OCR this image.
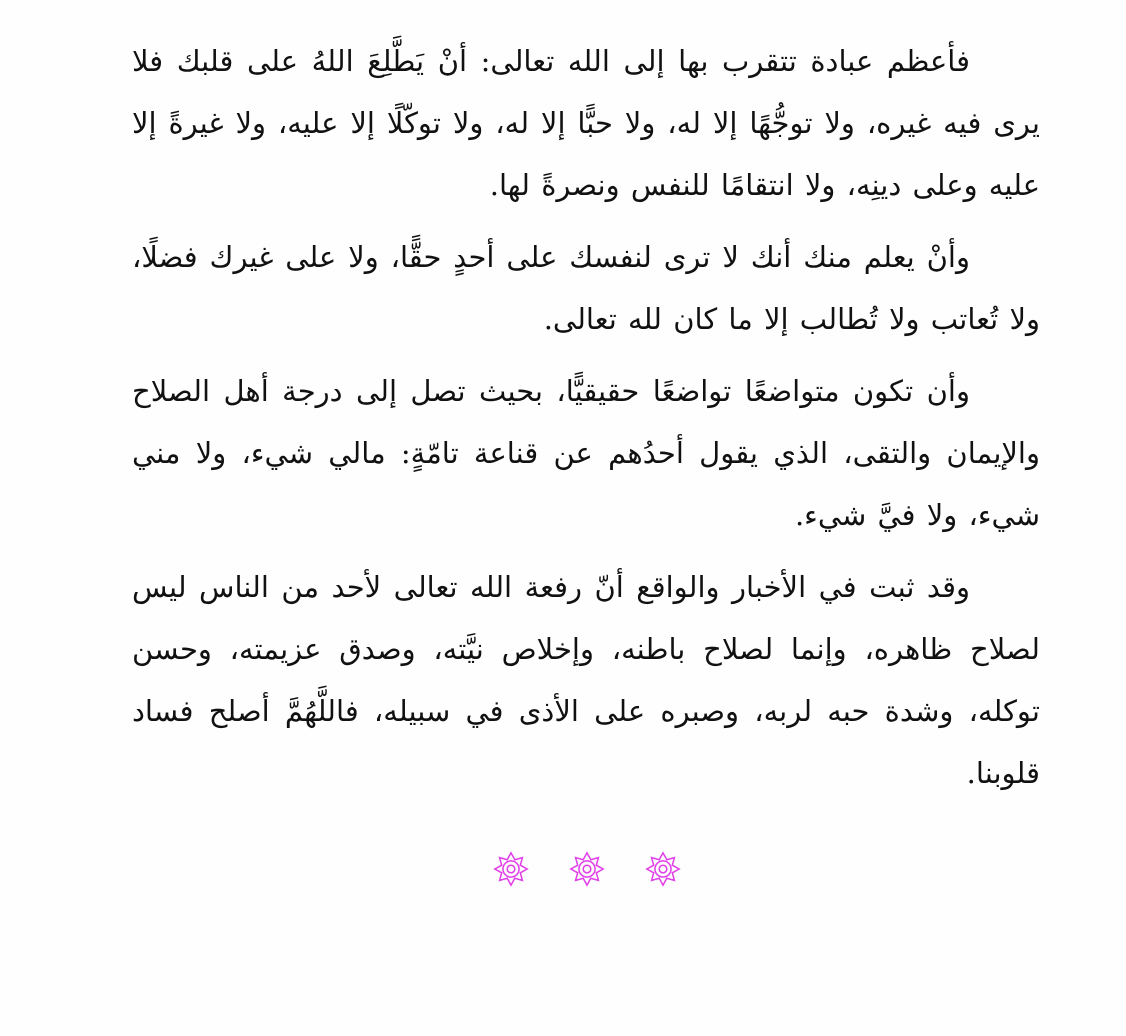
فأعظم عبادة تتقرب بها إلى الله تعالى: أنْ يَطَّلِعَ اللهُ على قلبك فلا يرى فيه غيره، ولا توجُّهًا إلا له، ولا حبًّا إلا له، ولا توكّلًا إلا عليه، ولا غيرةً إلا عليه وعلى دينِه، ولا انتقامًا للنفس ونصرةً لها.

وأنْ يعلم منك أنك لا ترى لنفسك على أحدٍ حقًّا، ولا على غيرك فضلًا، ولا تُعاتب ولا تُطالب إلا ما كان لله تعالى.

وأن تكون متواضعًا تواضعًا حقيقيًّا، بحيث تصل إلى درجة أهل الصلاح والإيمان والتقى، الذي يقول أحدُهم عن قناعة تامّةٍ: مالي شيء، ولا مني شيء، ولا فيَّ شيء.

وقد ثبت في الأخبار والواقع أنّ رفعة الله تعالى لأحد من الناس ليس لصلاح ظاهره، وإنما لصلاح باطنه، وإخلاص نيَّته، وصدق عزيمته، وحسن توكله، وشدة حبه لربه، وصبره على الأذى في سبيله، فاللَّهُمَّ أصلح فساد قلوبنا.
